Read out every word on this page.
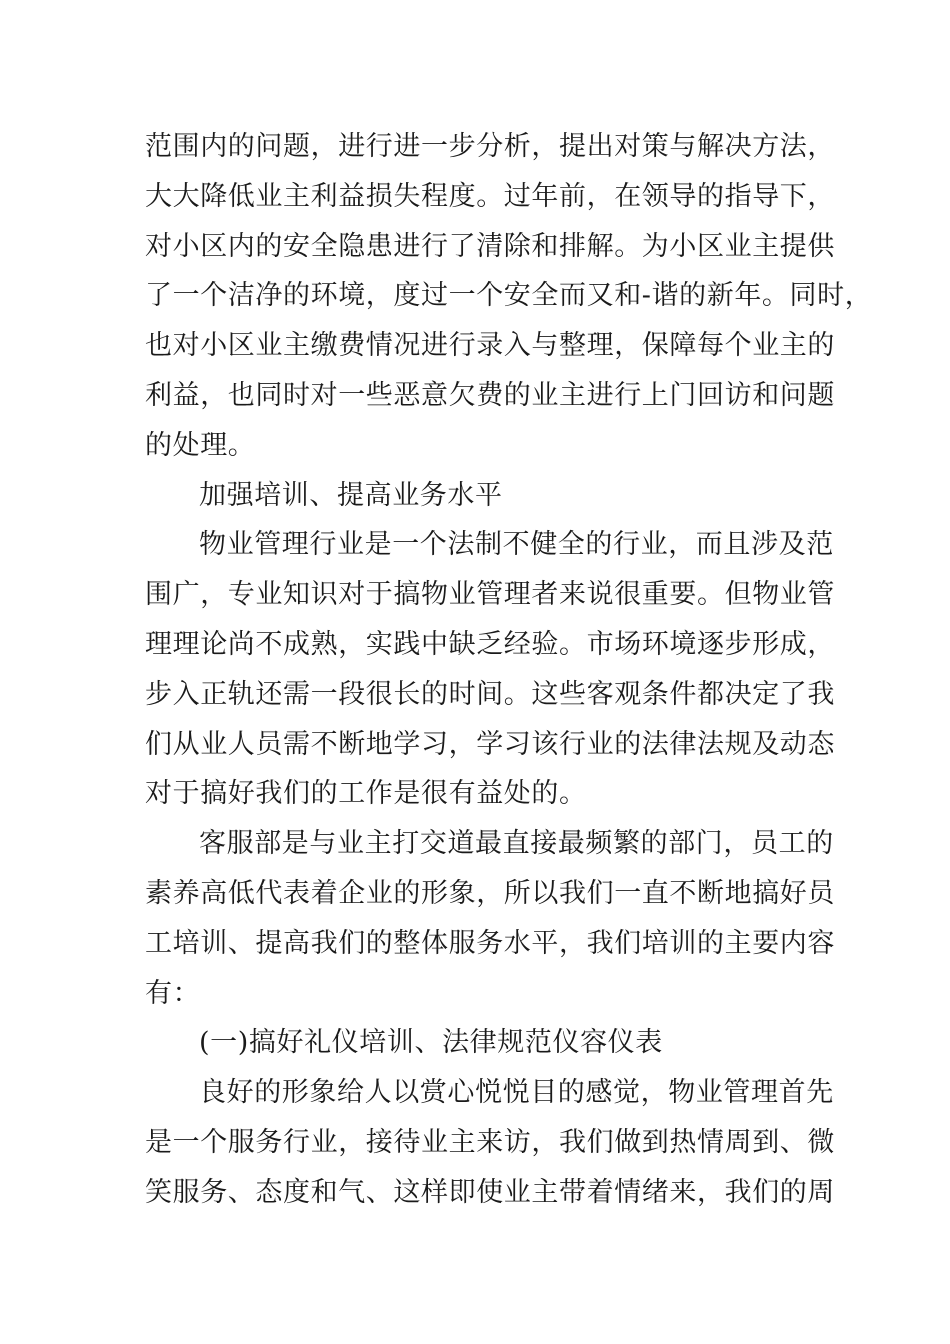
范围内的问题，进行进一步分析，提出对策与解决方法，
大大降低业主利益损失程度。过年前，在领导的指导下，
对小区内的安全隐患进行了清除和排解。为小区业主提供
了一个洁净的环境，度过一个安全而又和-谐的新年。同时，
也对小区业主缴费情况进行录入与整理，保障每个业主的
利益，也同时对一些恶意欠费的业主进行上门回访和问题
的处理。
加强培训、提高业务水平
物业管理行业是一个法制不健全的行业，而且涉及范
围广，专业知识对于搞物业管理者来说很重要。但物业管
理理论尚不成熟，实践中缺乏经验。市场环境逐步形成，
步入正轨还需一段很长的时间。这些客观条件都决定了我
们从业人员需不断地学习，学习该行业的法律法规及动态
对于搞好我们的工作是很有益处的。
客服部是与业主打交道最直接最频繁的部门，员工的
素养高低代表着企业的形象，所以我们一直不断地搞好员
工培训、提高我们的整体服务水平，我们培训的主要内容
有：
(一)搞好礼仪培训、法律规范仪容仪表
良好的形象给人以赏心悦悦目的感觉，物业管理首先
是一个服务行业，接待业主来访，我们做到热情周到、微
笑服务、态度和气、这样即使业主带着情绪来，我们的周
